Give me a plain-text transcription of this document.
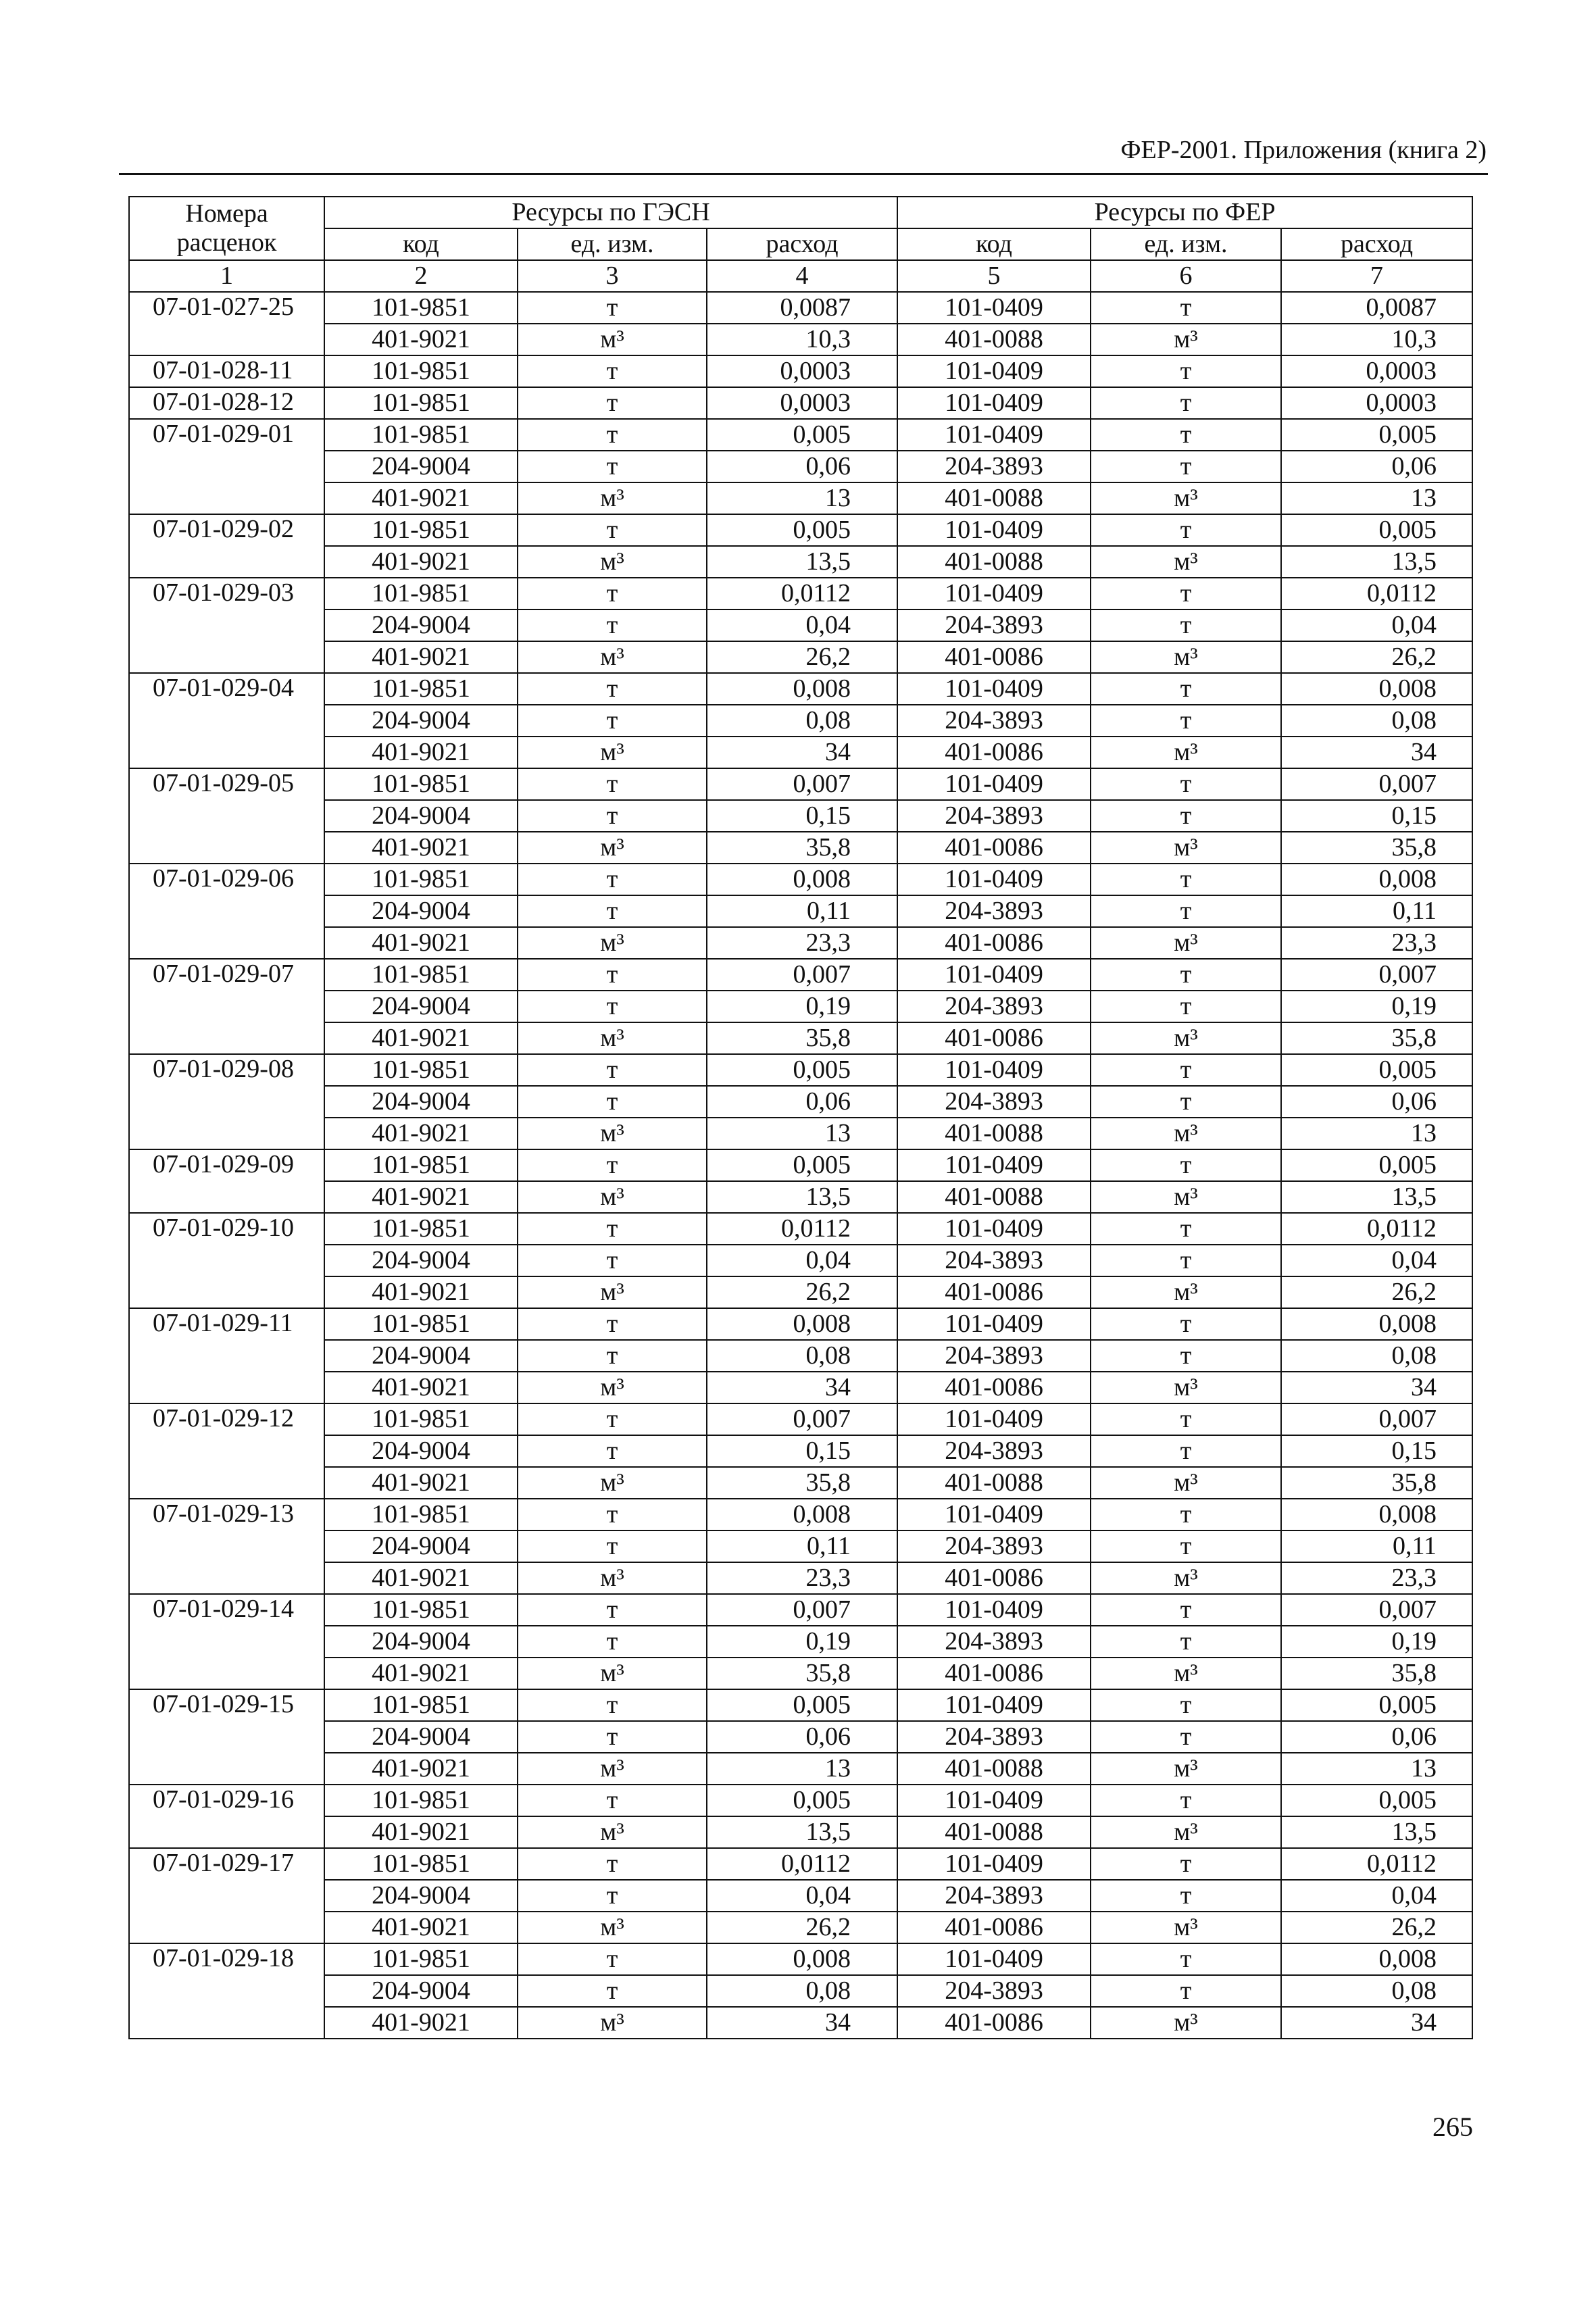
ФЕР-2001. Приложения (книга 2)
Номера расценок	Ресурсы по ГЭСН			Ресурсы по ФЕР		
	код	ед. изм.	расход	код	ед. изм.	расход
1	2	3	4	5	6	7
07-01-027-25	101-9851	т	0,0087	101-0409	т	0,0087
	401-9021	м³	10,3	401-0088	м³	10,3
07-01-028-11	101-9851	т	0,0003	101-0409	т	0,0003
07-01-028-12	101-9851	т	0,0003	101-0409	т	0,0003
07-01-029-01	101-9851	т	0,005	101-0409	т	0,005
	204-9004	т	0,06	204-3893	т	0,06
	401-9021	м³	13	401-0088	м³	13
07-01-029-02	101-9851	т	0,005	101-0409	т	0,005
	401-9021	м³	13,5	401-0088	м³	13,5
07-01-029-03	101-9851	т	0,0112	101-0409	т	0,0112
	204-9004	т	0,04	204-3893	т	0,04
	401-9021	м³	26,2	401-0086	м³	26,2
07-01-029-04	101-9851	т	0,008	101-0409	т	0,008
	204-9004	т	0,08	204-3893	т	0,08
	401-9021	м³	34	401-0086	м³	34
07-01-029-05	101-9851	т	0,007	101-0409	т	0,007
	204-9004	т	0,15	204-3893	т	0,15
	401-9021	м³	35,8	401-0086	м³	35,8
07-01-029-06	101-9851	т	0,008	101-0409	т	0,008
	204-9004	т	0,11	204-3893	т	0,11
	401-9021	м³	23,3	401-0086	м³	23,3
07-01-029-07	101-9851	т	0,007	101-0409	т	0,007
	204-9004	т	0,19	204-3893	т	0,19
	401-9021	м³	35,8	401-0086	м³	35,8
07-01-029-08	101-9851	т	0,005	101-0409	т	0,005
	204-9004	т	0,06	204-3893	т	0,06
	401-9021	м³	13	401-0088	м³	13
07-01-029-09	101-9851	т	0,005	101-0409	т	0,005
	401-9021	м³	13,5	401-0088	м³	13,5
07-01-029-10	101-9851	т	0,0112	101-0409	т	0,0112
	204-9004	т	0,04	204-3893	т	0,04
	401-9021	м³	26,2	401-0086	м³	26,2
07-01-029-11	101-9851	т	0,008	101-0409	т	0,008
	204-9004	т	0,08	204-3893	т	0,08
	401-9021	м³	34	401-0086	м³	34
07-01-029-12	101-9851	т	0,007	101-0409	т	0,007
	204-9004	т	0,15	204-3893	т	0,15
	401-9021	м³	35,8	401-0088	м³	35,8
07-01-029-13	101-9851	т	0,008	101-0409	т	0,008
	204-9004	т	0,11	204-3893	т	0,11
	401-9021	м³	23,3	401-0086	м³	23,3
07-01-029-14	101-9851	т	0,007	101-0409	т	0,007
	204-9004	т	0,19	204-3893	т	0,19
	401-9021	м³	35,8	401-0086	м³	35,8
07-01-029-15	101-9851	т	0,005	101-0409	т	0,005
	204-9004	т	0,06	204-3893	т	0,06
	401-9021	м³	13	401-0088	м³	13
07-01-029-16	101-9851	т	0,005	101-0409	т	0,005
	401-9021	м³	13,5	401-0088	м³	13,5
07-01-029-17	101-9851	т	0,0112	101-0409	т	0,0112
	204-9004	т	0,04	204-3893	т	0,04
	401-9021	м³	26,2	401-0086	м³	26,2
07-01-029-18	101-9851	т	0,008	101-0409	т	0,008
	204-9004	т	0,08	204-3893	т	0,08
	401-9021	м³	34	401-0086	м³	34
265
